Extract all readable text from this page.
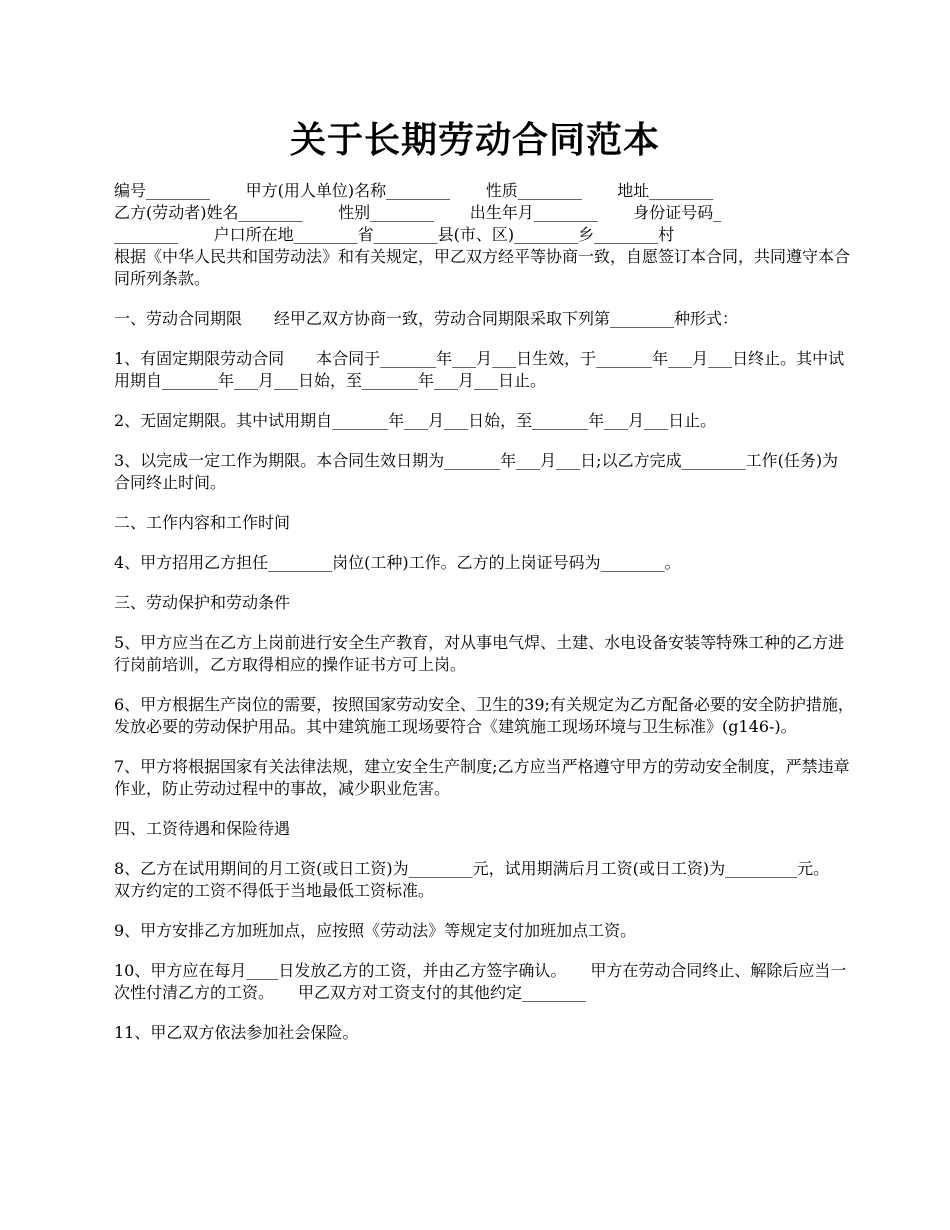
关于长期劳动合同范本
编号________       甲方(用人单位)名称________       性质________       地址________
乙方(劳动者)姓名________       性别________       出生年月________       身份证号码_
________       户口所在地________省________县(市、区)________乡________村

根据《中华人民共和国劳动法》和有关规定，甲乙双方经平等协商一致，自愿签订本合同，共同遵守本合同所列条款。

一、劳动合同期限　　经甲乙双方协商一致，劳动合同期限采取下列第________种形式：

1、有固定期限劳动合同　　本合同于_______年___月___日生效，于_______年___月___日终止。其中试用期自_______年___月___日始，至_______年___月___日止。

2、无固定期限。其中试用期自_______年___月___日始，至_______年___月___日止。

3、以完成一定工作为期限。本合同生效日期为_______年___月___日;以乙方完成________工作(任务)为合同终止时间。

二、工作内容和工作时间

4、甲方招用乙方担任________岗位(工种)工作。乙方的上岗证号码为________。

三、劳动保护和劳动条件

5、甲方应当在乙方上岗前进行安全生产教育，对从事电气焊、土建、水电设备安装等特殊工种的乙方进行岗前培训，乙方取得相应的操作证书方可上岗。

6、甲方根据生产岗位的需要，按照国家劳动安全、卫生的39;有关规定为乙方配备必要的安全防护措施，发放必要的劳动保护用品。其中建筑施工现场要符合《建筑施工现场环境与卫生标准》(g146-)。

7、甲方将根据国家有关法律法规，建立安全生产制度;乙方应当严格遵守甲方的劳动安全制度，严禁违章作业，防止劳动过程中的事故，减少职业危害。

四、工资待遇和保险待遇

8、乙方在试用期间的月工资(或日工资)为________元，试用期满后月工资(或日工资)为_________元。　　双方约定的工资不得低于当地最低工资标准。

9、甲方安排乙方加班加点，应按照《劳动法》等规定支付加班加点工资。

10、甲方应在每月____日发放乙方的工资，并由乙方签字确认。　　甲方在劳动合同终止、解除后应当一次性付清乙方的工资。　　甲乙双方对工资支付的其他约定________

11、甲乙双方依法参加社会保险。
